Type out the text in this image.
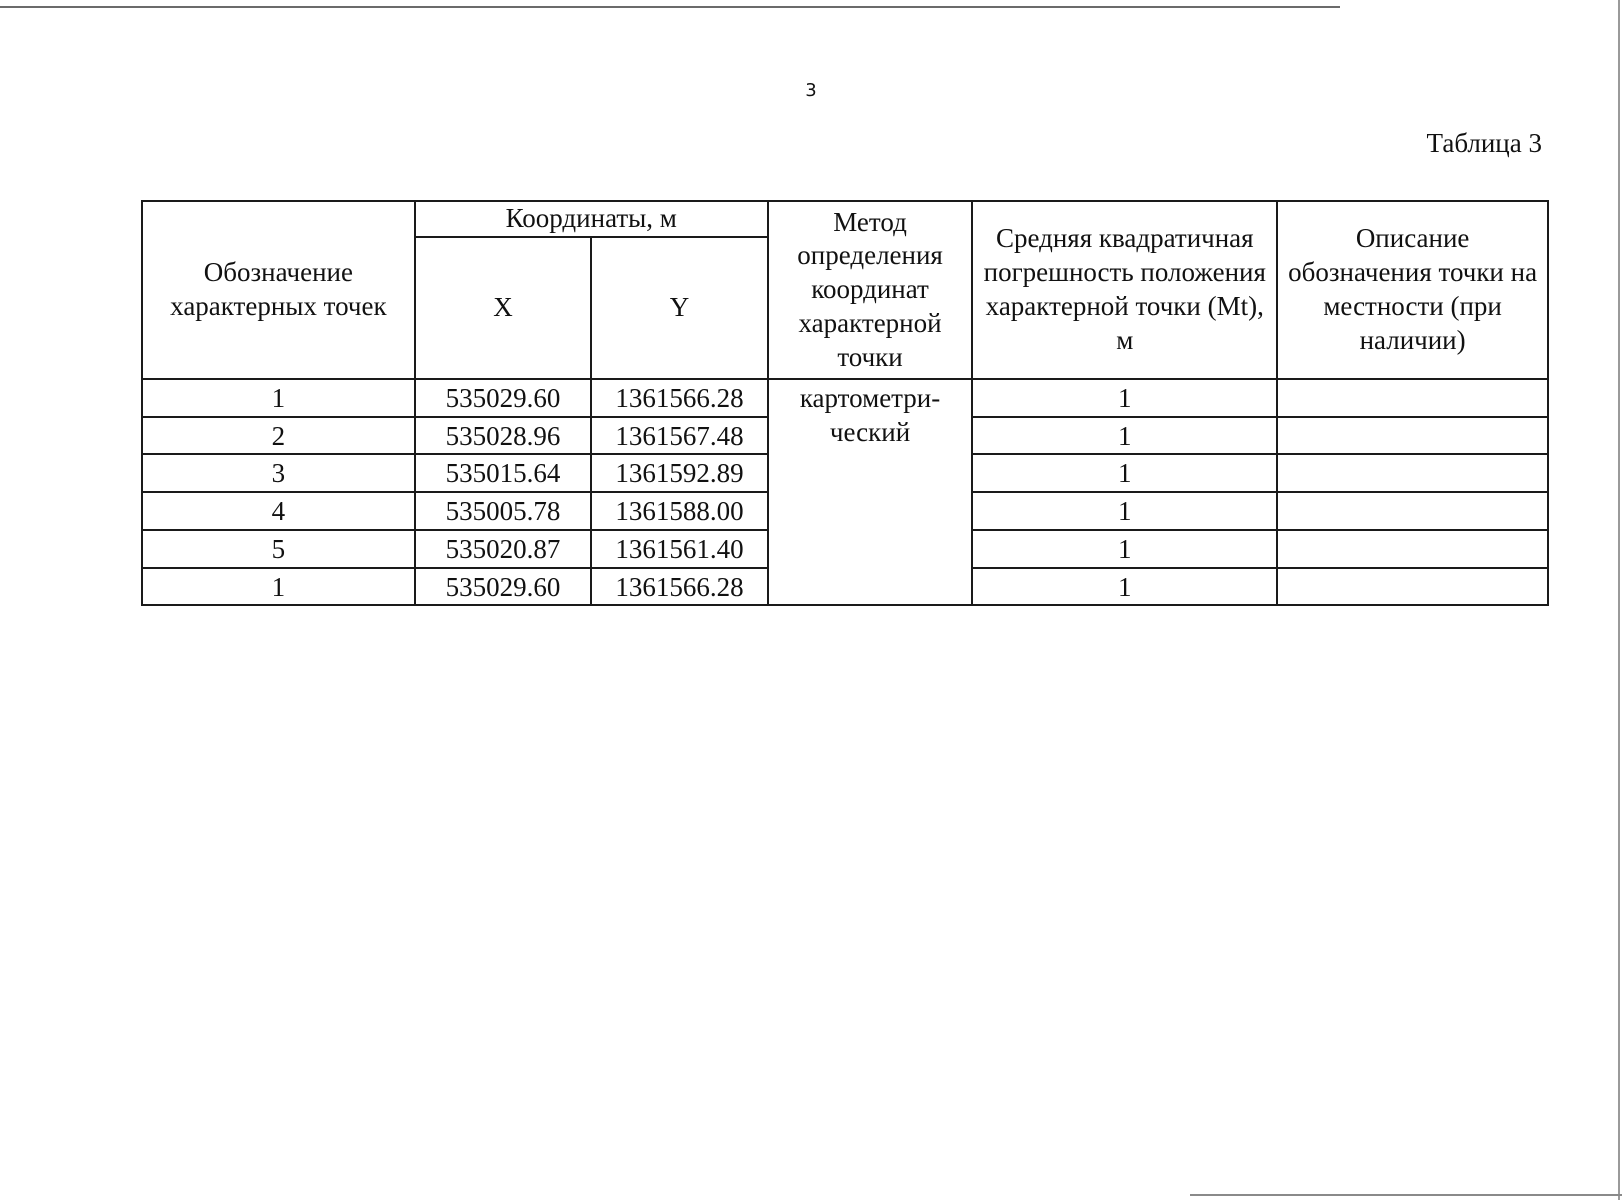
3
Таблица 3
Обозначение характерных точек	Координаты, м		Метод определения координат характерной точки	Средняя квадратичная погрешность положения характерной точки (Mt), м	Описание обозначения точки на местности (при наличии)
	X	Y			
1	535029.60	1361566.28	картометри-ческий	1	
2	535028.96	1361567.48		1	
3	535015.64	1361592.89		1	
4	535005.78	1361588.00		1	
5	535020.87	1361561.40		1	
1	535029.60	1361566.28		1	
